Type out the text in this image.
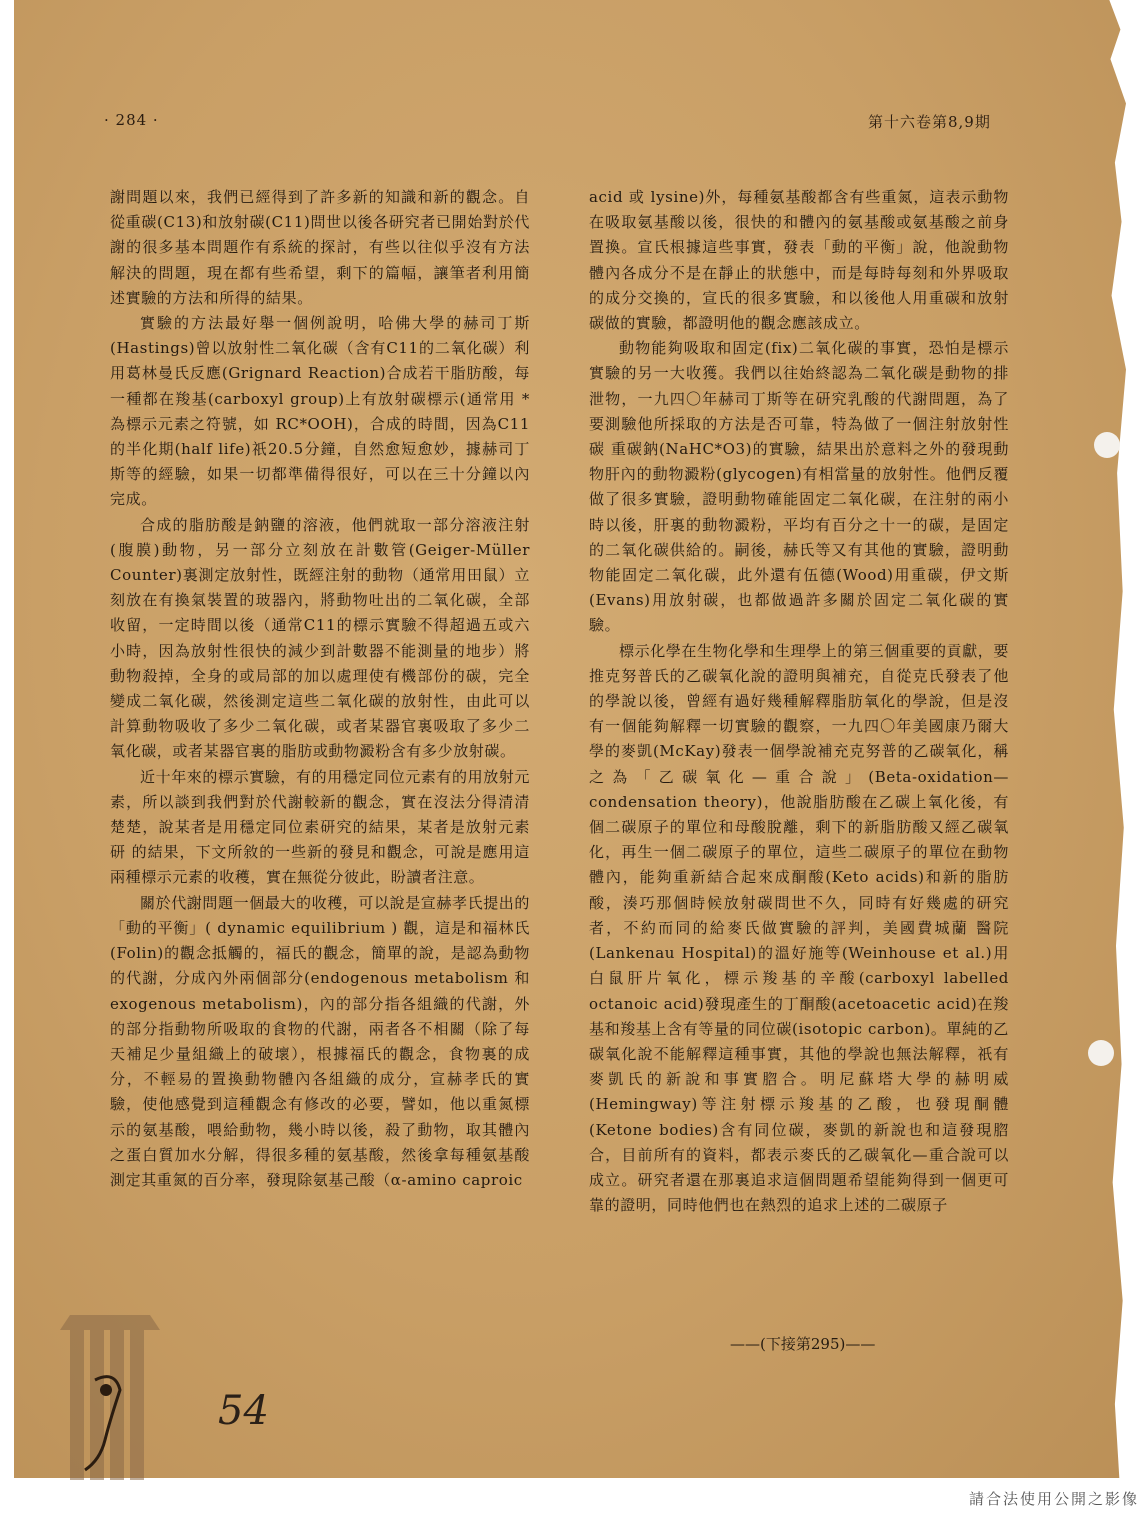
· 284 ·	第十六卷第8,9期

謝問題以來，我們已經得到了許多新的知識和新的觀念。自從重碳(C13)和放射碳(C11)問世以後各研究者已開始對於代謝的很多基本問題作有系統的探討，有些以往似乎沒有方法解決的問題，現在都有些希望，剩下的篇幅，讓筆者利用簡述實驗的方法和所得的結果。

實驗的方法最好舉一個例說明，哈佛大學的赫司丁斯(Hastings)曾以放射性二氧化碳（含有C11的二氧化碳）利用葛林曼氏反應(Grignard Reaction)合成若干脂肪酸，每一種都在羧基(carboxyl group)上有放射碳標示(通常用 *為標示元素之符號，如 RC*OOH)，合成的時間，因為C11的半化期(half life)祇20.5分鐘，自然愈短愈妙，據赫司丁斯等的經驗，如果一切都準備得很好，可以在三十分鐘以內完成。

合成的脂肪酸是鈉鹽的溶液，他們就取一部分溶液注射(腹膜)動物，另一部分立刻放在計數管(Geiger-Müller Counter)裏測定放射性，既經注射的動物（通常用田鼠）立刻放在有換氣裝置的玻器內，將動物吐出的二氧化碳，全部收留，一定時間以後（通常C11的標示實驗不得超過五或六小時，因為放射性很快的減少到計數器不能測量的地步）將動物殺掉，全身的或局部的加以處理使有機部份的碳，完全變成二氧化碳，然後測定這些二氧化碳的放射性，由此可以計算動物吸收了多少二氧化碳，或者某器官裏吸取了多少二氧化碳，或者某器官裏的脂肪或動物澱粉含有多少放射碳。

近十年來的標示實驗，有的用穩定同位元素有的用放射元素，所以談到我們對於代謝較新的觀念，實在沒法分得清清楚楚，說某者是用穩定同位素研究的結果，某者是放射元素研 的結果，下文所敘的一些新的發見和觀念，可說是應用這兩種標示元素的收穫，實在無從分彼此，盼讀者注意。

關於代謝問題一個最大的收穫，可以說是宣赫孝氏提出的「動的平衡」( dynamic equilibrium ) 觀，這是和福林氏(Folin)的觀念抵觸的，福氏的觀念，簡單的說，是認為動物的代謝，分成內外兩個部分(endogenous metabolism 和 exogenous metabolism)，內的部分指各組織的代謝，外的部分指動物所吸取的食物的代謝，兩者各不相關（除了每天補足少量組織上的破壞），根據福氏的觀念，食物裏的成分，不輕易的置換動物體內各組織的成分，宣赫孝氏的實驗，使他感覺到這種觀念有修改的必要，譬如，他以重氮標示的氨基酸，喂給動物，幾小時以後，殺了動物，取其體內之蛋白質加水分解，得很多種的氨基酸，然後拿每種氨基酸測定其重氮的百分率，發現除氨基己酸（α-amino caproic

acid 或 lysine)外，每種氨基酸都含有些重氮，這表示動物在吸取氨基酸以後，很快的和體內的氨基酸或氨基酸之前身置換。宣氏根據這些事實，發表「動的平衡」說，他說動物體內各成分不是在靜止的狀態中，而是每時每刻和外界吸取的成分交換的，宣氏的很多實驗，和以後他人用重碳和放射碳做的實驗，都證明他的觀念應該成立。

動物能夠吸取和固定(fix)二氧化碳的事實，恐怕是標示實驗的另一大收獲。我們以往始終認為二氧化碳是動物的排泄物，一九四〇年赫司丁斯等在研究乳酸的代謝問題，為了要測驗他所採取的方法是否可靠，特為做了一個注射放射性碳 重碳鈉(NaHC*O3)的實驗，結果出於意料之外的發現動物肝內的動物澱粉(glycogen)有相當量的放射性。他們反覆做了很多實驗，證明動物確能固定二氧化碳，在注射的兩小時以後，肝裏的動物澱粉，平均有百分之十一的碳，是固定的二氧化碳供給的。嗣後，赫氏等又有其他的實驗，證明動物能固定二氧化碳，此外還有伍德(Wood)用重碳，伊文斯(Evans)用放射碳，也都做過許多關於固定二氧化碳的實驗。

標示化學在生物化學和生理學上的第三個重要的貢獻，要推克努普氏的乙碳氧化說的證明與補充，自從克氏發表了他的學說以後，曾經有過好幾種解釋脂肪氧化的學說，但是沒有一個能夠解釋一切實驗的觀察，一九四〇年美國康乃爾大學的麥凱(McKay)發表一個學說補充克努普的乙碳氧化，稱之為「乙碳氧化—重合說」(Beta-oxidation—condensation theory)，他說脂肪酸在乙碳上氧化後，有個二碳原子的單位和母酸脫離，剩下的新脂肪酸又經乙碳氧化，再生一個二碳原子的單位，這些二碳原子的單位在動物體內，能夠重新結合起來成酮酸(Keto acids)和新的脂肪酸，湊巧那個時候放射碳問世不久，同時有好幾處的研究者，不約而同的給麥氏做實驗的評判，美國費城蘭 醫院(Lankenau Hospital)的溫好施等(Weinhouse et al.)用白鼠肝片氧化，標示羧基的辛酸(carboxyl labelled octanoic acid)發現產生的丁酮酸(acetoacetic acid)在羧基和羧基上含有等量的同位碳(isotopic carbon)。單純的乙碳氧化說不能解釋這種事實，其他的學說也無法解釋，祇有麥凱氏的新說和事實脗合。明尼蘇塔大學的赫明威(Hemingway)等注射標示羧基的乙酸，也發現酮體(Ketone bodies)含有同位碳，麥凱的新說也和這發現脗合，目前所有的資料，都表示麥氏的乙碳氧化—重合說可以成立。研究者還在那裏追求這個問題希望能夠得到一個更可靠的證明，同時他們也在熱烈的追求上述的二碳原子

——(下接第295)——
54
請合法使用公開之影像
